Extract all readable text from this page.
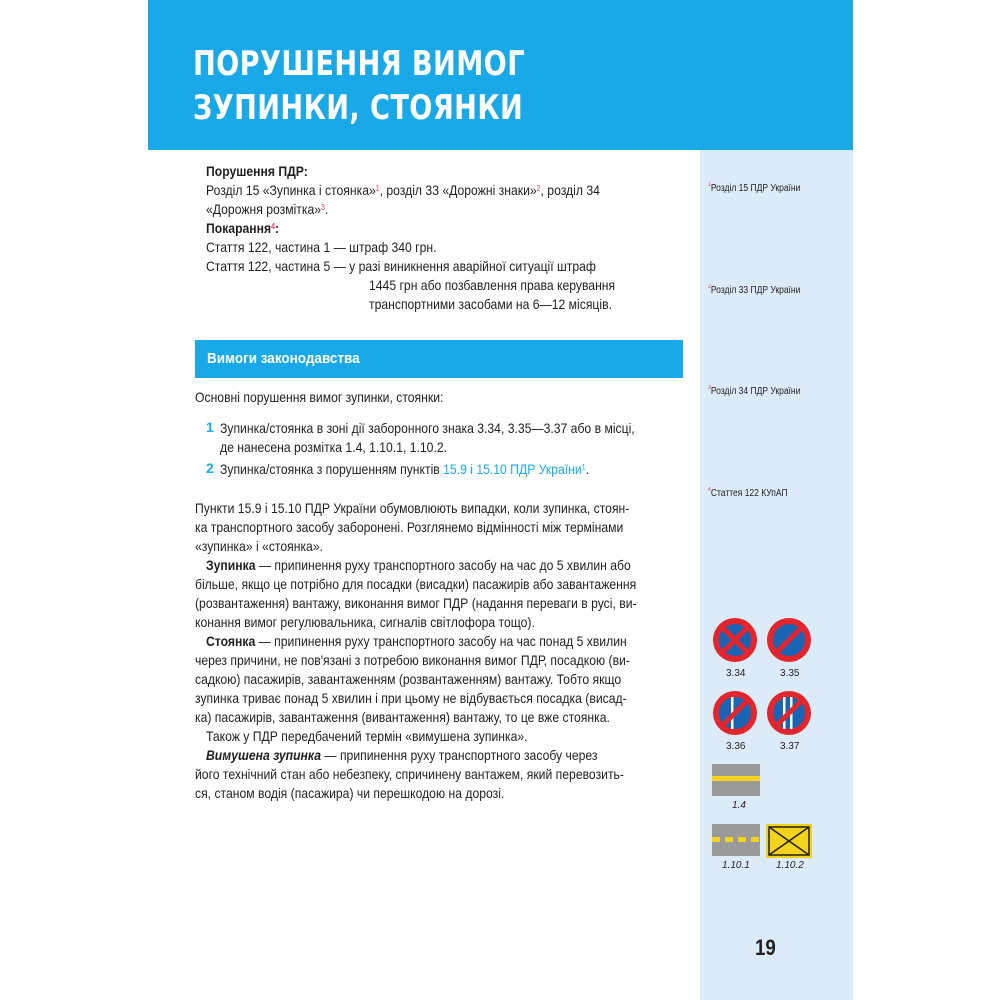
ПОРУШЕННЯ ВИМОГ
ЗУПИНКИ, СТОЯНКИ
Порушення ПДР:
Розділ 15 «Зупинка і стоянка»$^1$, розділ 33 «Дорожні знаки»$^2$, розділ 34
«Дорожня розмітка»$^3$.
Покарання$^4$:
Стаття 122, частина 1 — штраф 340 грн.
Стаття 122, частина 5 — у разі виникнення аварійної ситуації штраф
1445 грн або позбавлення права керування
транспортними засобами на 6—12 місяців.
Вимоги законодавства
Основні порушення вимог зупинки, стоянки:
1 Зупинка/стоянка в зоні дії заборонного знака 3.34, 3.35—3.37 або в місці,
де нанесена розмітка 1.4, 1.10.1, 1.10.2.
2 Зупинка/стоянка з порушенням пунктів 15.9 і 15.10 ПДР України$^1$.
Пункти 15.9 і 15.10 ПДР України обумовлюють випадки, коли зупинка, стоян-
ка транспортного засобу заборонені. Розглянемо відмінності між термінами
«зупинка» і «стоянка».
Зупинка — припинення руху транспортного засобу на час до 5 хвилин або
більше, якщо це потрібно для посадки (висадки) пасажирів або завантаження
(розвантаження) вантажу, виконання вимог ПДР (надання переваги в русі, ви-
конання вимог регулювальника, сигналів світлофора тощо).
Стоянка — припинення руху транспортного засобу на час понад 5 хвилин
через причини, не пов'язані з потребою виконання вимог ПДР, посадкою (ви-
садкою) пасажирів, завантаженням (розвантаженням) вантажу. Тобто якщо
зупинка триває понад 5 хвилин і при цьому не відбувається посадка (висад-
ка) пасажирів, завантаження (вивантаження) вантажу, то це вже стоянка.
Також у ПДР передбачений термін «вимушена зупинка».
Вимушена зупинка — припинення руху транспортного засобу через
його технічний стан або небезпеку, спричинену вантажем, який перевозить-
ся, станом водія (пасажира) чи перешкодою на дорозі.
$^1$Розділ 15 ПДР України
$^2$Розділ 33 ПДР України
$^3$Розділ 34 ПДР України
$^4$Статтея 122 КУпАП
3.34	3.35
3.36	3.37
1.4
1.10.1	1.10.2
19
